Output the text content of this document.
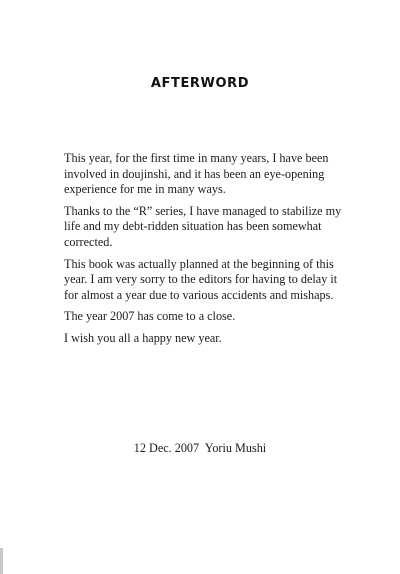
AFTERWORD

This year, for the first time in many years, I have been involved in doujinshi, and it has been an eye-opening experience for me in many ways.

Thanks to the “R” series, I have managed to stabilize my life and my debt-ridden situation has been somewhat corrected.

This book was actually planned at the beginning of this year. I am very sorry to the editors for having to delay it for almost a year due to various accidents and mishaps.

The year 2007 has come to a close.

I wish you all a happy new year.

12 Dec. 2007  Yoriu Mushi
